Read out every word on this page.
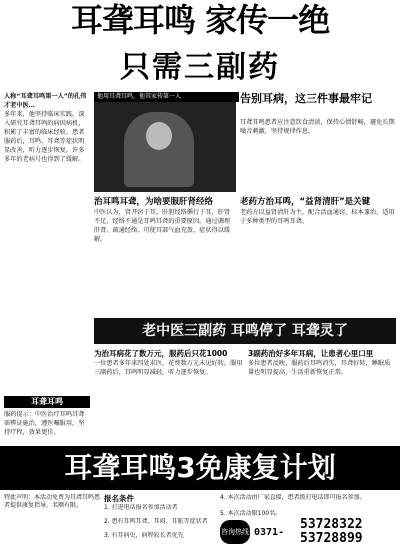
耳聋耳鸣 家传一绝
只需三副药
人称“耳聋耳鸣第一人”的孔伟才老中医…
多年来，他坚持临床实践，深入研究耳聋耳鸣的病因病机，积累了丰富的临床经验。患者服药后，耳鸣、耳聋等症状明显改善，听力逐步恢复，许多多年的老病号也得到了缓解。
他用耳聋耳鸣，他其家传第一人	告别耳病，这三件事最牢记
耳聋耳鸣患者应注意饮食清淡，保持心情舒畅，避免长期噪音刺激，坚持规律作息。
治耳鸣耳聋，为啥要服肝肾经络
中医认为，肾开窍于耳，肝胆经络循行于耳，肝肾不足、经络不通是耳鸣耳聋的重要原因。通过调理肝肾、疏通经络，可使耳部气血充盈，症状得以缓解。
老药方治耳鸣，“益肾清肝”是关键
老药方以益肾清肝为主，配合活血通窍，标本兼治，适用于多种类型的耳鸣耳聋。
老中医三副药 耳鸣停了 耳聋灵了
为治耳病花了数万元，服药后只花1000
一位患者多年来四处求医，花费数万元未见好转，服用三副药后，耳鸣明显减轻，听力逐步恢复。
3副药治好多年耳病，让患者心里口里
多位患者反映，服药后耳鸣消失，耳聋好转，睡眠质量也明显提高，生活重新恢复正常。
耳聋耳鸣
服药提示：中医治疗耳鸣耳聋需辨证施治，遵医嘱服用，坚持疗程，效果更佳。
耳聋耳鸣3免康复计划
特此声明：本活动免费为耳聋耳鸣患者提供康复指导，名额有限。
报名条件
1. 打进电话报名参加活动者
2. 患有耳鸣耳聋、耳闷、耳胀等症状者
3. 有耳病史，病程较长者优先
4. 本次活动由厂家直接，患者拨打电话即可报名参加。
5. 本次活动限100名。
咨询热线 0371-
53728322
53728899
